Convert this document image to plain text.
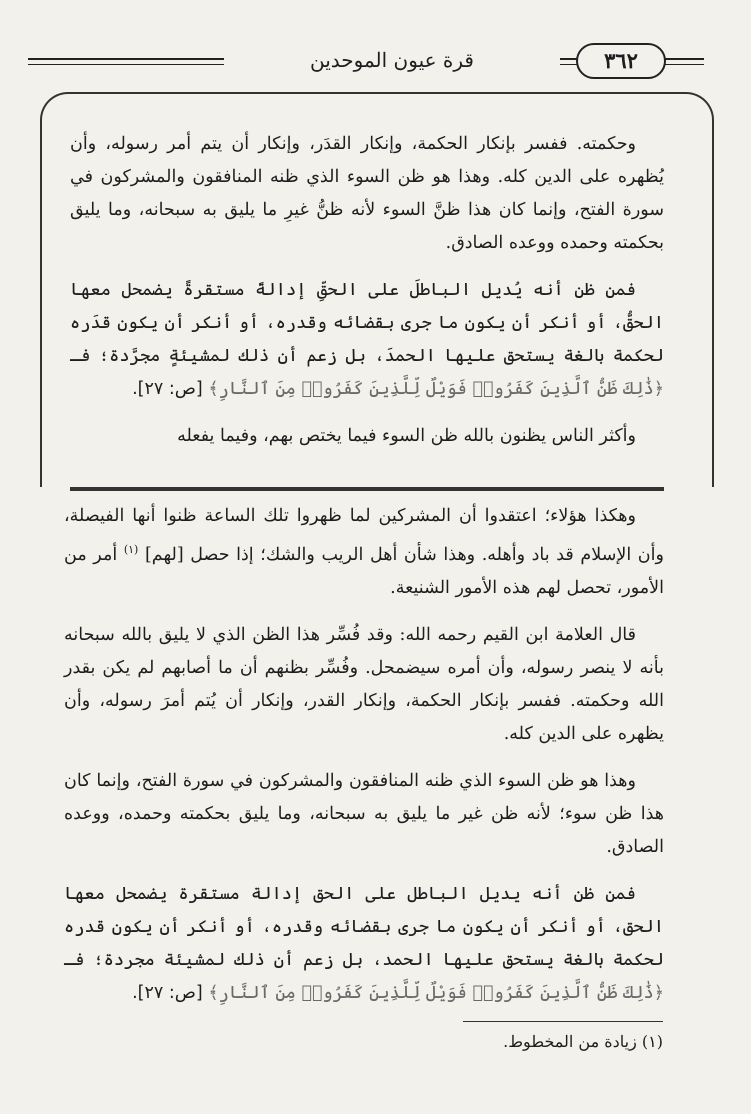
قرة عيون الموحدين	٣٦٢

وحكمته. ففسر بإنكار الحكمة، وإنكار القدَر، وإنكار أن يتم أمر رسوله، وأن يُظهره على الدين كله. وهذا هو ظن السوء الذي ظنه المنافقون والمشركون في سورة الفتح، وإنما كان هذا ظنَّ السوء لأنه ظنُّ غيرِ ما يليق به سبحانه، وما يليق بحكمته وحمده ووعده الصادق.

فمن ظن أنه يُديل الباطلَ على الحقِّ إدالةً مستقرةً يضمحل معها الحقُّ، أو أنكر أن يكون ما جرى بقضائه وقدره، أو أنكر أن يكون قدَره لحكمة بالغة يستحق عليها الحمدَ، بل زعم أن ذلك لمشيئةٍ مجرَّدة؛ فـ ﴿ذَٰلِكَ ظَنُّ ٱلَّذِينَ كَفَرُوا۟ فَوَيْلٌ لِّلَّذِينَ كَفَرُوا۟ مِنَ ٱلنَّارِ﴾ [ص: ٢٧].

وأكثر الناس يظنون بالله ظن السوء فيما يختص بهم، وفيما يفعله

وهكذا هؤلاء؛ اعتقدوا أن المشركين لما ظهروا تلك الساعة ظنوا أنها الفيصلة، وأن الإسلام قد باد وأهله. وهذا شأن أهل الريب والشك؛ إذا حصل [لهم] $^{(١)}$ أمر من الأمور، تحصل لهم هذه الأمور الشنيعة.

قال العلامة ابن القيم رحمه الله: وقد فُسِّر هذا الظن الذي لا يليق بالله سبحانه بأنه لا ينصر رسوله، وأن أمره سيضمحل. وفُسِّر بظنهم أن ما أصابهم لم يكن بقدر الله وحكمته. ففسر بإنكار الحكمة، وإنكار القدر، وإنكار أن يُتم أمرَ رسوله، وأن يظهره على الدين كله.

وهذا هو ظن السوء الذي ظنه المنافقون والمشركون في سورة الفتح، وإنما كان هذا ظن سوء؛ لأنه ظن غير ما يليق به سبحانه، وما يليق بحكمته وحمده، ووعده الصادق.

فمن ظن أنه يديل الباطل على الحق إدالة مستقرة يضمحل معها الحق، أو أنكر أن يكون ما جرى بقضائه وقدره، أو أنكر أن يكون قدره لحكمة بالغة يستحق عليها الحمد، بل زعم أن ذلك لمشيئة مجردة؛ فـ ﴿ذَٰلِكَ ظَنُّ ٱلَّذِينَ كَفَرُوا۟ فَوَيْلٌ لِّلَّذِينَ كَفَرُوا۟ مِنَ ٱلنَّارِ﴾ [ص: ٢٧].

(١) زيادة من المخطوط.
